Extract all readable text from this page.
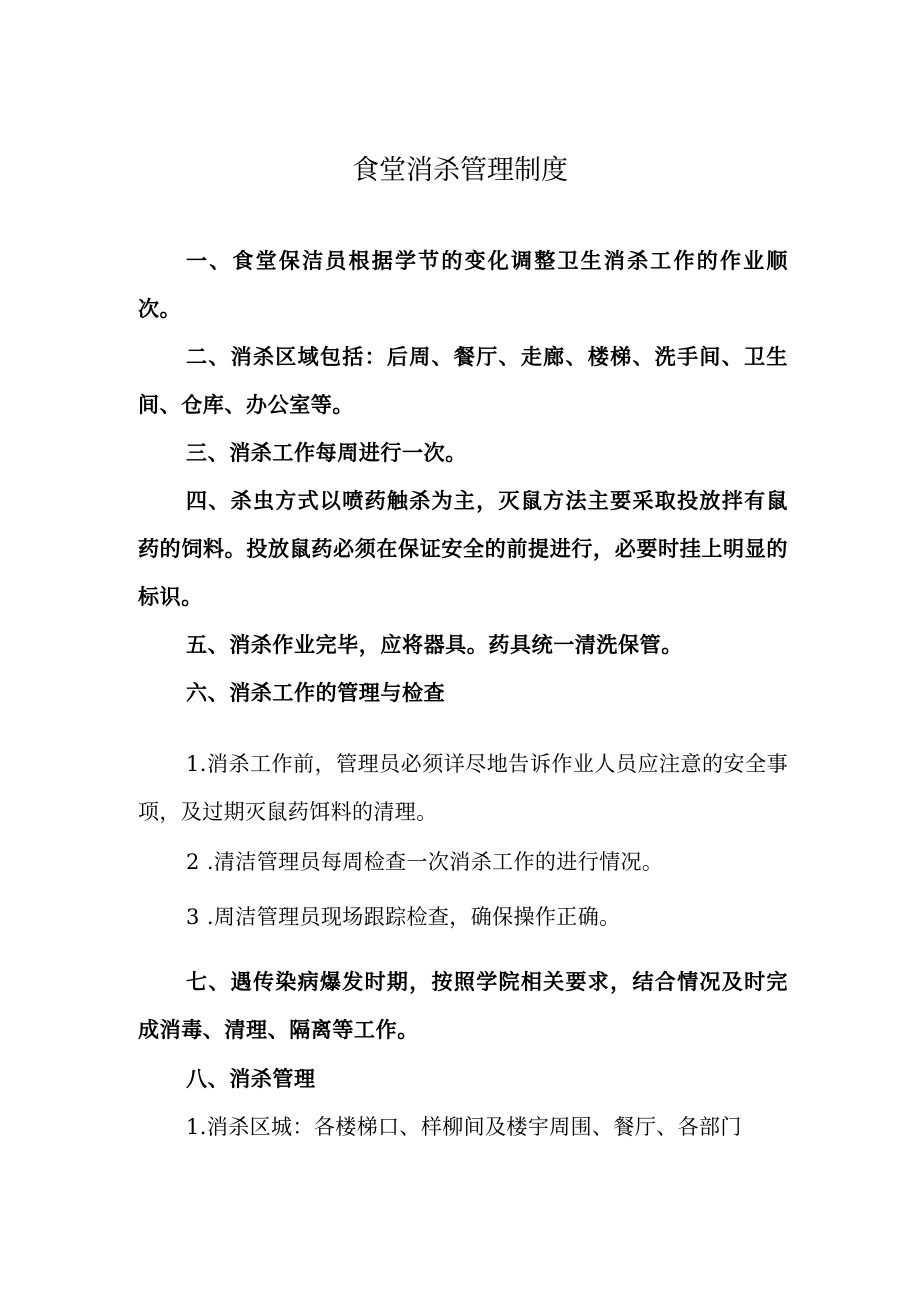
食堂消杀管理制度

一、食堂保洁员根据学节的变化调整卫生消杀工作的作业顺次。

二、消杀区域包括：后周、餐厅、走廊、楼梯、洗手间、卫生间、仓库、办公室等。

三、消杀工作每周进行一次。

四、杀虫方式以喷药触杀为主，灭鼠方法主要采取投放拌有鼠药的饲料。投放鼠药必须在保证安全的前提进行，必要时挂上明显的标识。

五、消杀作业完毕，应将器具。药具统一清洗保管。

六、消杀工作的管理与检查

1.消杀工作前，管理员必须详尽地告诉作业人员应注意的安全事项，及过期灭鼠药饵料的清理。

2 .清洁管理员每周检查一次消杀工作的进行情况。

3 .周洁管理员现场跟踪检查，确保操作正确。

七、遇传染病爆发时期，按照学院相关要求，结合情况及时完成消毒、清理、隔离等工作。

八、消杀管理

1.消杀区城：各楼梯口、样柳间及楼宇周围、餐厅、各部门
